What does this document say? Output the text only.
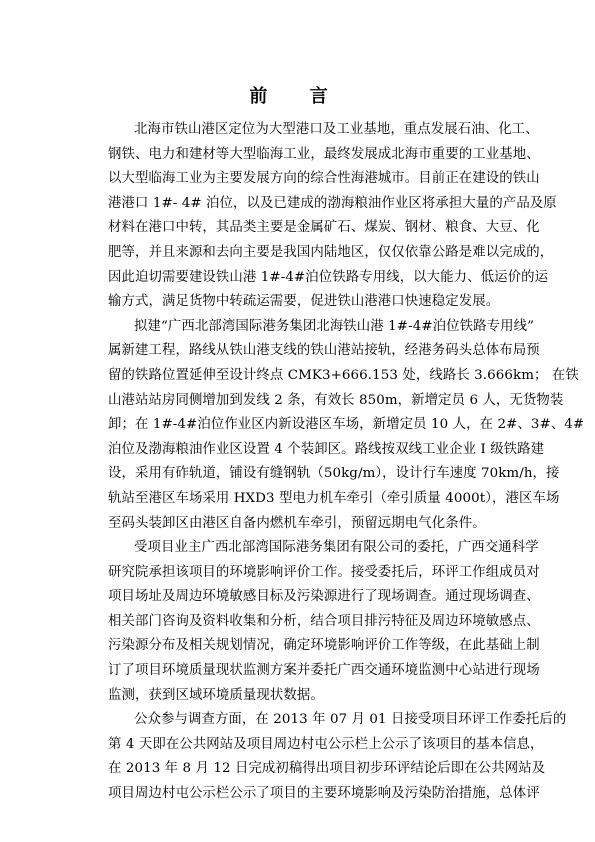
前 言

北海市铁山港区定位为大型港口及工业基地，重点发展石油、化工、

钢铁、电力和建材等大型临海工业，最终发展成北海市重要的工业基地、

以大型临海工业为主要发展方向的综合性海港城市。目前正在建设的铁山

港港口 1#- 4# 泊位，以及已建成的渤海粮油作业区将承担大量的产品及原

材料在港口中转，其品类主要是金属矿石、煤炭、钢材、粮食、大豆、化

肥等，并且来源和去向主要是我国内陆地区，仅仅依靠公路是难以完成的，

因此迫切需要建设铁山港 1#-4#泊位铁路专用线，以大能力、低运价的运

输方式，满足货物中转疏运需要，促进铁山港港口快速稳定发展。

拟建“广西北部湾国际港务集团北海铁山港 1#-4#泊位铁路专用线”

属新建工程，路线从铁山港支线的铁山港站接轨，经港务码头总体布局预

留的铁路位置延伸至设计终点 CMK3+666.153 处，线路长 3.666km； 在铁

山港站站房同侧增加到发线 2 条，有效长 850m，新增定员 6 人，无货物装

卸；在 1#-4#泊位作业区内新设港区车场，新增定员 10 人，在 2#、3#、4#

泊位及渤海粮油作业区设置 4 个装卸区。路线按双线工业企业 Ⅰ 级铁路建

设，采用有砟轨道，铺设有缝钢轨（50kg/m），设计行车速度 70km/h，接

轨站至港区车场采用 HXD3 型电力机车牵引（牵引质量 4000t），港区车场

至码头装卸区由港区自备内燃机车牵引，预留远期电气化条件。

受项目业主广西北部湾国际港务集团有限公司的委托，广西交通科学

研究院承担该项目的环境影响评价工作。接受委托后，环评工作组成员对

项目场址及周边环境敏感目标及污染源进行了现场调查。通过现场调查、

相关部门咨询及资料收集和分析，结合项目排污特征及周边环境敏感点、

污染源分布及相关规划情况，确定环境影响评价工作等级，在此基础上制

订了项目环境质量现状监测方案并委托广西交通环境监测中心站进行现场

监测，获到区域环境质量现状数据。

公众参与调查方面，在 2013 年 07 月 01 日接受项目环评工作委托后的

第 4 天即在公共网站及项目周边村屯公示栏上公示了该项目的基本信息，

在 2013 年 8 月 12 日完成初稿得出项目初步环评结论后即在公共网站及

项目周边村屯公示栏公示了项目的主要环境影响及污染防治措施，总体评
